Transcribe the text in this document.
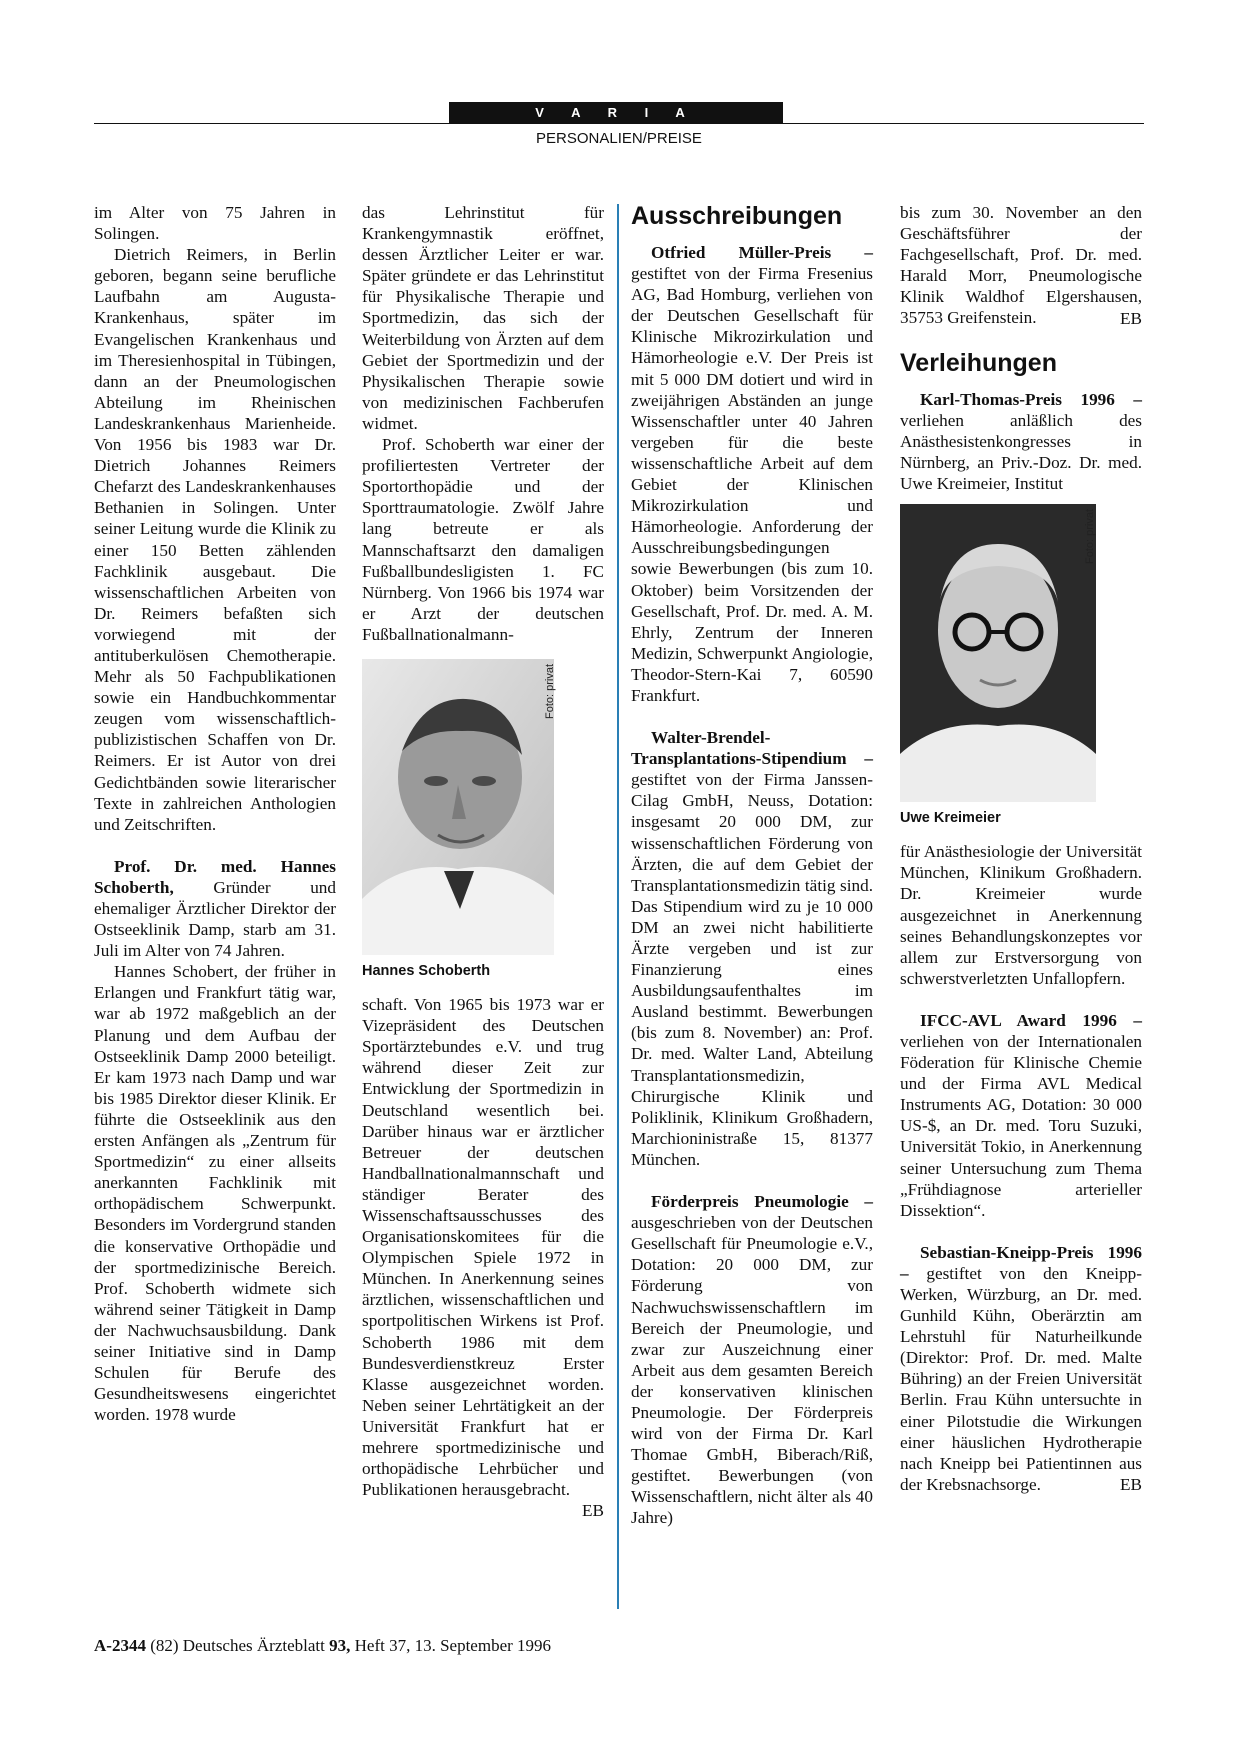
V A R I A
PERSONALIEN/PREISE

im Alter von 75 Jahren in Solingen.

Dietrich Reimers, in Berlin geboren, begann seine berufliche Laufbahn am Augusta-Krankenhaus, später im Evangelischen Krankenhaus und im Theresienhospital in Tübingen, dann an der Pneumologischen Abteilung im Rheinischen Landeskrankenhaus Marienheide. Von 1956 bis 1983 war Dr. Dietrich Johannes Reimers Chefarzt des Landeskrankenhauses Bethanien in Solingen. Unter seiner Leitung wurde die Klinik zu einer 150 Betten zählenden Fachklinik ausgebaut. Die wissenschaftlichen Arbeiten von Dr. Reimers befaßten sich vorwiegend mit der antituberkulösen Chemotherapie. Mehr als 50 Fachpublikationen sowie ein Handbuchkommentar zeugen vom wissenschaftlich-publizistischen Schaffen von Dr. Reimers. Er ist Autor von drei Gedichtbänden sowie literarischer Texte in zahlreichen Anthologien und Zeitschriften.

Prof. Dr. med. Hannes Schoberth, Gründer und ehemaliger Ärztlicher Direktor der Ostseeklinik Damp, starb am 31. Juli im Alter von 74 Jahren.

Hannes Schobert, der früher in Erlangen und Frankfurt tätig war, war ab 1972 maßgeblich an der Planung und dem Aufbau der Ostseeklinik Damp 2000 beteiligt. Er kam 1973 nach Damp und war bis 1985 Direktor dieser Klinik. Er führte die Ostseeklinik aus den ersten Anfängen als „Zentrum für Sportmedizin“ zu einer allseits anerkannten Fachklinik mit orthopädischem Schwerpunkt. Besonders im Vordergrund standen die konservative Orthopädie und der sportmedizinische Bereich. Prof. Schoberth widmete sich während seiner Tätigkeit in Damp der Nachwuchsausbildung. Dank seiner Initiative sind in Damp Schulen für Berufe des Gesundheitswesens eingerichtet worden. 1978 wurde

das Lehrinstitut für Krankengymnastik eröffnet, dessen Ärztlicher Leiter er war. Später gründete er das Lehrinstitut für Physikalische Therapie und Sportmedizin, das sich der Weiterbildung von Ärzten auf dem Gebiet der Sportmedizin und der Physikalischen Therapie sowie von medizinischen Fachberufen widmet.

Prof. Schoberth war einer der profiliertesten Vertreter der Sportorthopädie und der Sporttraumatologie. Zwölf Jahre lang betreute er als Mannschaftsarzt den damaligen Fußballbundesligisten 1. FC Nürnberg. Von 1966 bis 1974 war er Arzt der deutschen Fußballnationalmann-

Foto: privat
Hannes Schoberth

schaft. Von 1965 bis 1973 war er Vizepräsident des Deutschen Sportärztebundes e.V. und trug während dieser Zeit zur Entwicklung der Sportmedizin in Deutschland wesentlich bei. Darüber hinaus war er ärztlicher Betreuer der deutschen Handballnationalmannschaft und ständiger Berater des Wissenschaftsausschusses des Organisationskomitees für die Olympischen Spiele 1972 in München. In Anerkennung seines ärztlichen, wissenschaftlichen und sportpolitischen Wirkens ist Prof. Schoberth 1986 mit dem Bundesverdienstkreuz Erster Klasse ausgezeichnet worden. Neben seiner Lehrtätigkeit an der Universität Frankfurt hat er mehrere sportmedizinische und orthopädische Lehrbücher und Publikationen herausgebracht.

EB

Ausschreibungen

Otfried Müller-Preis – gestiftet von der Firma Fresenius AG, Bad Homburg, verliehen von der Deutschen Gesellschaft für Klinische Mikrozirkulation und Hämorheologie e.V. Der Preis ist mit 5 000 DM dotiert und wird in zweijährigen Abständen an junge Wissenschaftler unter 40 Jahren vergeben für die beste wissenschaftliche Arbeit auf dem Gebiet der Klinischen Mikrozirkulation und Hämorheologie. Anforderung der Ausschreibungsbedingungen sowie Bewerbungen (bis zum 10. Oktober) beim Vorsitzenden der Gesellschaft, Prof. Dr. med. A. M. Ehrly, Zentrum der Inneren Medizin, Schwerpunkt Angiologie, Theodor-Stern-Kai 7, 60590 Frankfurt.

Walter-Brendel-Transplantations-Stipendium – gestiftet von der Firma Janssen-Cilag GmbH, Neuss, Dotation: insgesamt 20 000 DM, zur wissenschaftlichen Förderung von Ärzten, die auf dem Gebiet der Transplantationsmedizin tätig sind. Das Stipendium wird zu je 10 000 DM an zwei nicht habilitierte Ärzte vergeben und ist zur Finanzierung eines Ausbildungsaufenthaltes im Ausland bestimmt. Bewerbungen (bis zum 8. November) an: Prof. Dr. med. Walter Land, Abteilung Transplantationsmedizin, Chirurgische Klinik und Poliklinik, Klinikum Großhadern, Marchioninistraße 15, 81377 München.

Förderpreis Pneumologie – ausgeschrieben von der Deutschen Gesellschaft für Pneumologie e.V., Dotation: 20 000 DM, zur Förderung von Nachwuchswissenschaftlern im Bereich der Pneumologie, und zwar zur Auszeichnung einer Arbeit aus dem gesamten Bereich der konservativen klinischen Pneumologie. Der Förderpreis wird von der Firma Dr. Karl Thomae GmbH, Biberach/Riß, gestiftet. Bewerbungen (von Wissenschaftlern, nicht älter als 40 Jahre)

bis zum 30. November an den Geschäftsführer der Fachgesellschaft, Prof. Dr. med. Harald Morr, Pneumologische Klinik Waldhof Elgershausen, 35753 Greifenstein.	EB

Verleihungen

Karl-Thomas-Preis 1996 – verliehen anläßlich des Anästhesistenkongresses in Nürnberg, an Priv.-Doz. Dr. med. Uwe Kreimeier, Institut

Foto: privat
Uwe Kreimeier

für Anästhesiologie der Universität München, Klinikum Großhadern. Dr. Kreimeier wurde ausgezeichnet in Anerkennung seines Behandlungskonzeptes vor allem zur Erstversorgung von schwerstverletzten Unfallopfern.

IFCC-AVL Award 1996 – verliehen von der Internationalen Föderation für Klinische Chemie und der Firma AVL Medical Instruments AG, Dotation: 30 000 US-$, an Dr. med. Toru Suzuki, Universität Tokio, in Anerkennung seiner Untersuchung zum Thema „Frühdiagnose arterieller Dissektion“.

Sebastian-Kneipp-Preis 1996 – gestiftet von den Kneipp-Werken, Würzburg, an Dr. med. Gunhild Kühn, Oberärztin am Lehrstuhl für Naturheilkunde (Direktor: Prof. Dr. med. Malte Bühring) an der Freien Universität Berlin. Frau Kühn untersuchte in einer Pilotstudie die Wirkungen einer häuslichen Hydrotherapie nach Kneipp bei Patientinnen aus der Krebsnachsorge.	EB

A-2344 (82) Deutsches Ärzteblatt 93, Heft 37, 13. September 1996
